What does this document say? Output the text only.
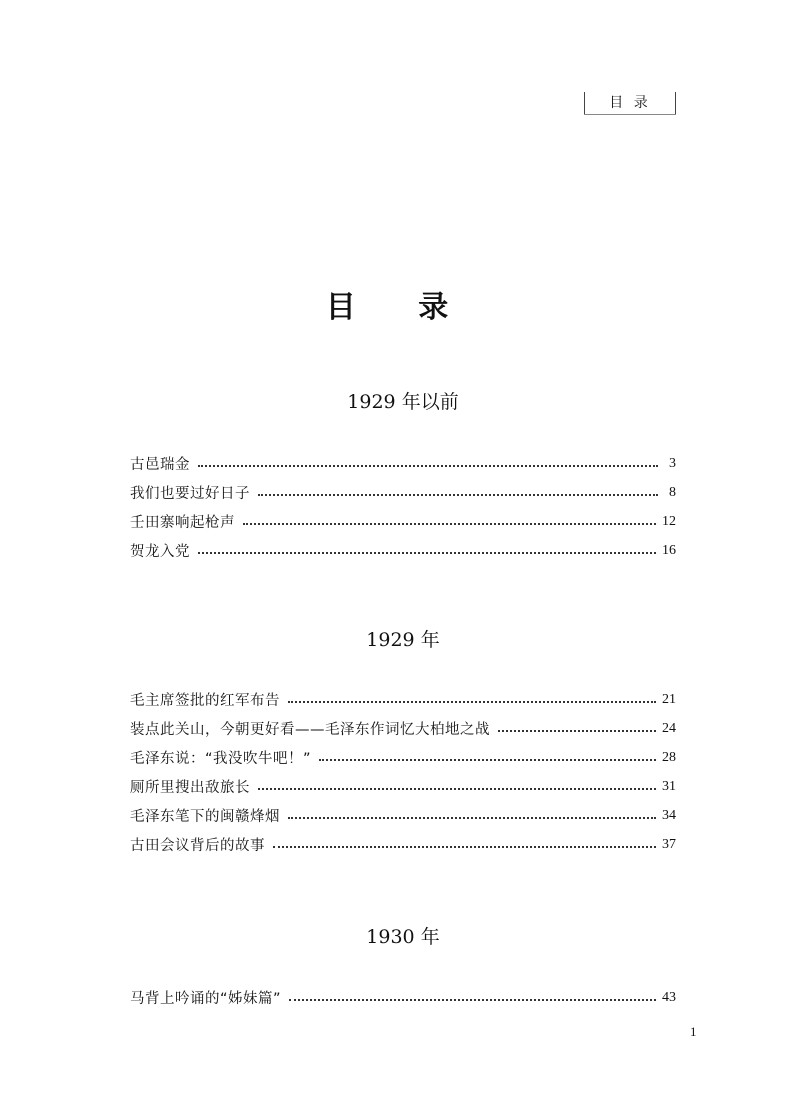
目 录
目 录
1929 年以前
古邑瑞金	3
我们也要过好日子	8
壬田寨响起枪声	12
贺龙入党	16
1929 年
毛主席签批的红军布告	21
装点此关山，今朝更好看——毛泽东作词忆大柏地之战	24
毛泽东说：“我没吹牛吧！”	28
厕所里搜出敌旅长	31
毛泽东笔下的闽赣烽烟	34
古田会议背后的故事	37
1930 年
马背上吟诵的“姊妹篇”	43
1
